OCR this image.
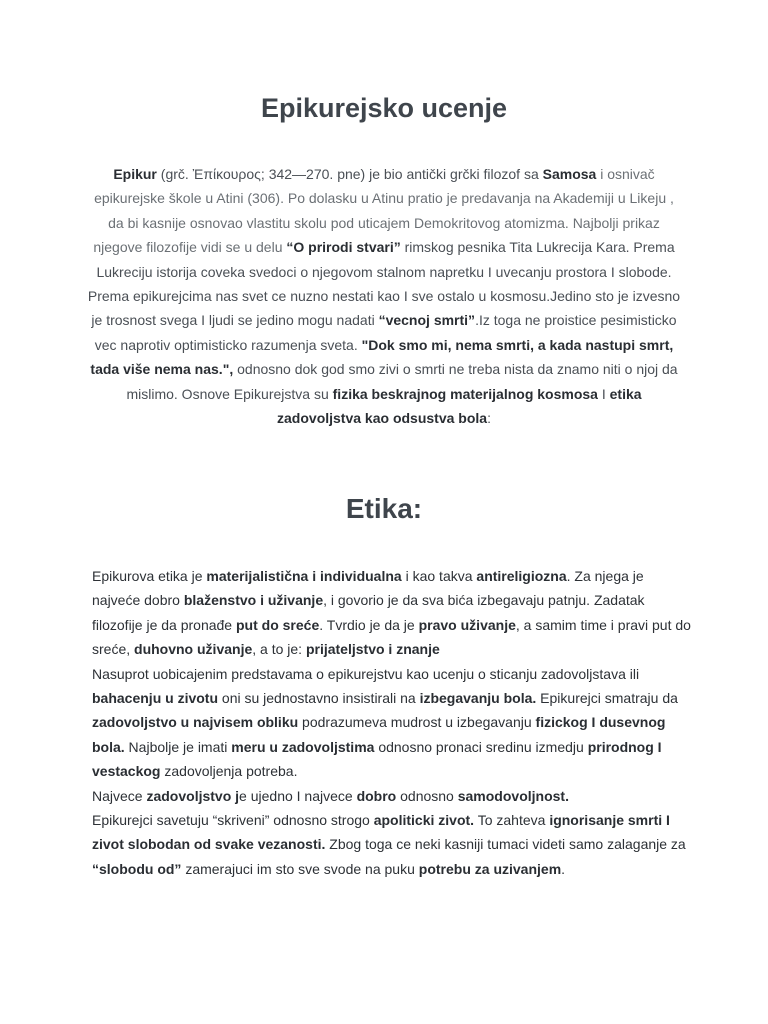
Epikurejsko ucenje
Epikur (grč. Ἐπίκουρος; 342—270. pne) je bio antički grčki filozof sa Samosa i osnivač epikurejske škole u Atini (306). Po dolasku u Atinu pratio je predavanja na Akademiji u Likeju , da bi kasnije osnovao vlastitu skolu pod uticajem Demokritovog atomizma. Najbolji prikaz njegove filozofije vidi se u delu “O prirodi stvari” rimskog pesnika Tita Lukrecija Kara. Prema Lukreciju istorija coveka svedoci o njegovom stalnom napretku I uvecanju prostora I slobode. Prema epikurejcima nas svet ce nuzno nestati kao I sve ostalo u kosmosu.Jedino sto je izvesno je trosnost svega I ljudi se jedino mogu nadati “vecnoj smrti”.Iz toga ne proistice pesimisticko vec naprotiv optimisticko razumenja sveta. "Dok smo mi, nema smrti, a kada nastupi smrt, tada više nema nas.", odnosno dok god smo zivi o smrti ne treba nista da znamo niti o njoj da mislimo. Osnove Epikurejstva su fizika beskrajnog materijalnog kosmosa I etika zadovoljstva kao odsustva bola:
Etika:

Epikurova etika je materijalistična i individualna i kao takva antireligiozna. Za njega je najveće dobro blaženstvo i uživanje, i govorio je da sva bića izbegavaju patnju. Zadatak filozofije je da pronađe put do sreće. Tvrdio je da je pravo uživanje, a samim time i pravi put do sreće, duhovno uživanje, a to je: prijateljstvo i znanje

Nasuprot uobicajenim predstavama o epikurejstvu kao ucenju o sticanju zadovoljstava ili bahacenju u zivotu oni su jednostavno insistirali na izbegavanju bola. Epikurejci smatraju da zadovoljstvo u najvisem obliku podrazumeva mudrost u izbegavanju fizickog I dusevnog bola. Najbolje je imati meru u zadovoljstima odnosno pronaci sredinu izmedju prirodnog I vestackog zadovoljenja potreba.

Najvece zadovoljstvo je ujedno I najvece dobro odnosno samodovoljnost.

Epikurejci savetuju “skriveni” odnosno strogo apoliticki zivot. To zahteva ignorisanje smrti I zivot slobodan od svake vezanosti. Zbog toga ce neki kasniji tumaci videti samo zalaganje za “slobodu od” zamerajuci im sto sve svode na puku potrebu za uzivanjem.
